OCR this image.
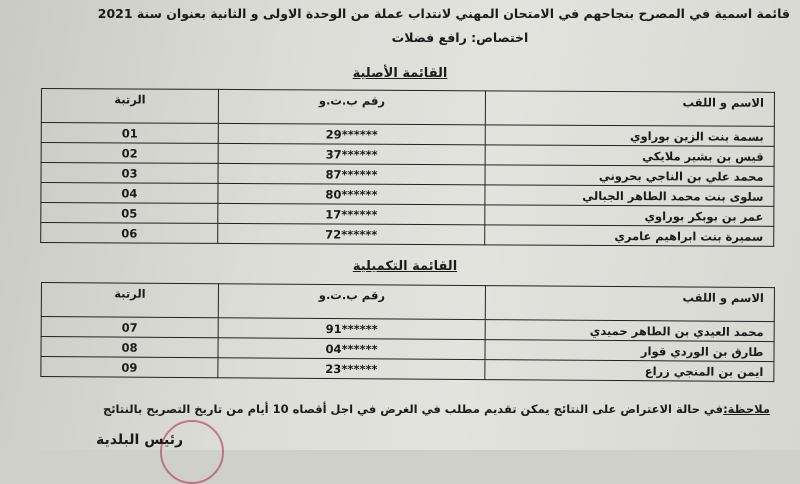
قائمة اسمية في المصرح بنجاحهم في الامتحان المهني لانتداب عملة من الوحدة الاولى و الثانية بعنوان سنة 2021
اختصاص: رافع فضلات
القائمة الأصلية
الاسم و اللقب	رقم ب.ت.و	الرتبة
بسمة بنت الزين بوراوي	******29	01
قيس بن بشير ملايكي	******37	02
محمد علي بن الناجي بحروني	******87	03
سلوى بنت محمد الطاهر الجبالي	******80	04
عمر بن بوبكر بوراوي	******17	05
سميرة بنت ابراهيم عامري	******72	06
القائمة التكميلية
الاسم و اللقب	رقم ب.ت.و	الرتبة
محمد العيدي بن الطاهر حميدي	******91	07
طارق بن الوردي قوار	******04	08
ايمن بن المنجي زراع	******23	09
ملاحظة:في حالة الاعتراض على النتائج يمكن تقديم مطلب في الغرض في اجل أقصاه 10 أيام من تاريخ التصريح بالنتائج
رئيس البلدية
